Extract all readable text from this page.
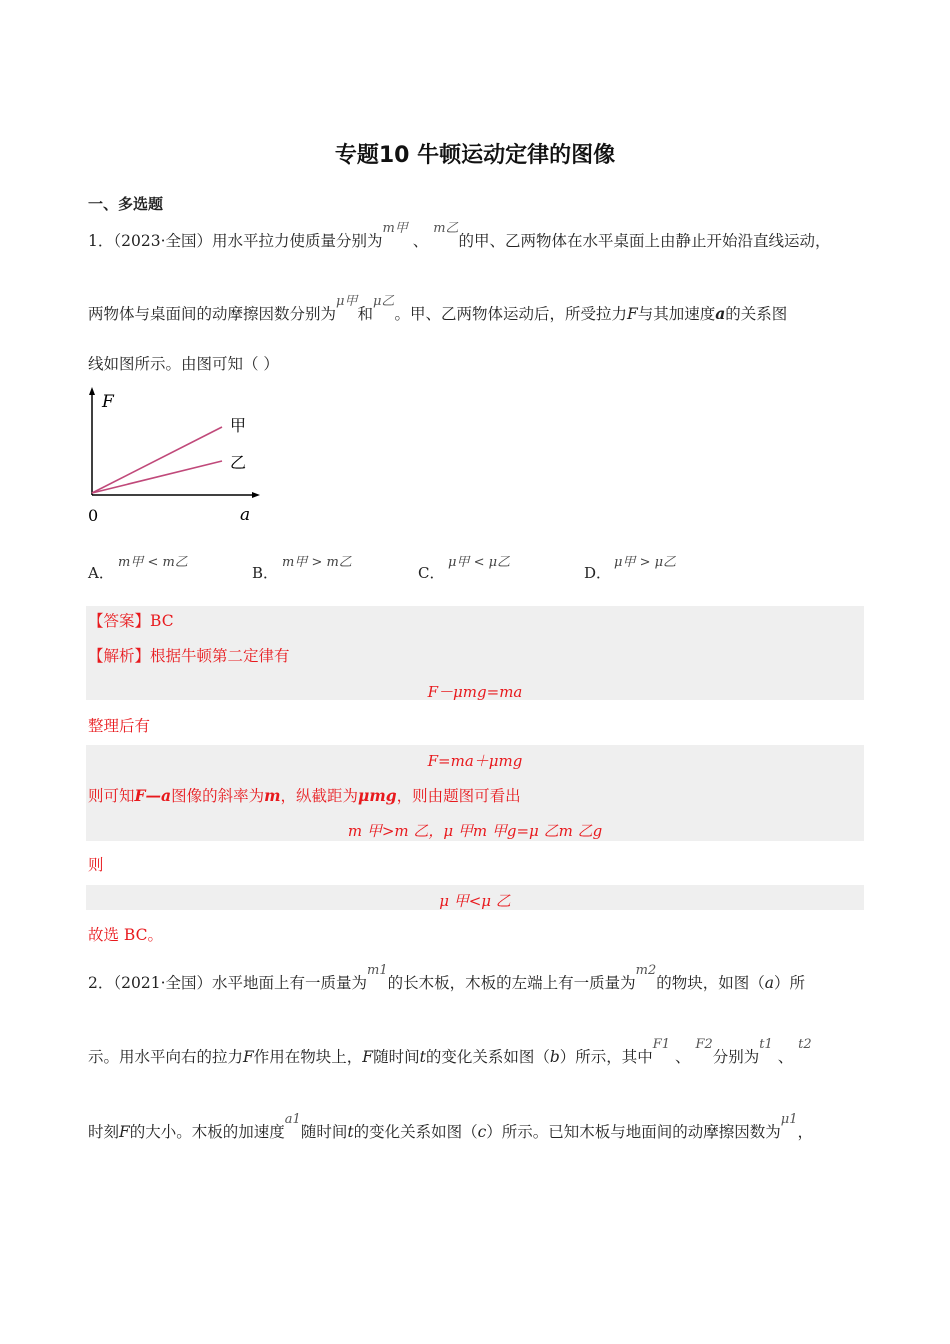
专题10 牛顿运动定律的图像
一、多选题
1．（2023·全国）用水平拉力使质量分别为$^{m甲}$ 、 $^{m乙}$的甲、乙两物体在水平桌面上由静止开始沿直线运动，
两物体与桌面间的动摩擦因数分别为$^{\mu 甲}$和$^{\mu 乙}$。甲、乙两物体运动后，所受拉力F与其加速度a的关系图
线如图所示。由图可知（ ）
F
a
0
甲
乙
A．
m甲 < m乙
B．
m甲 > m乙
C．
μ甲 < μ乙
D．
μ甲 > μ乙
【答案】BC
【解析】根据牛顿第二定律有
F－μmg=ma
整理后有
F=ma＋μmg
则可知F—a图像的斜率为m，纵截距为μmg，则由题图可看出
m 甲>m 乙，μ 甲m 甲g=μ 乙m 乙g
则
μ 甲<μ 乙
故选 BC。
2．（2021·全国）水平地面上有一质量为$^{m1}$的长木板，木板的左端上有一质量为$^{m2}$的物块，如图（a）所
示。用水平向右的拉力F作用在物块上，F随时间t的变化关系如图（b）所示，其中$^{F1}$ 、 $^{F2}$分别为$^{t1}$ 、 $^{t2}$
时刻F的大小。木板的加速度$^{a1}$随时间t的变化关系如图（c）所示。已知木板与地面间的动摩擦因数为$^{\mu 1}$，
